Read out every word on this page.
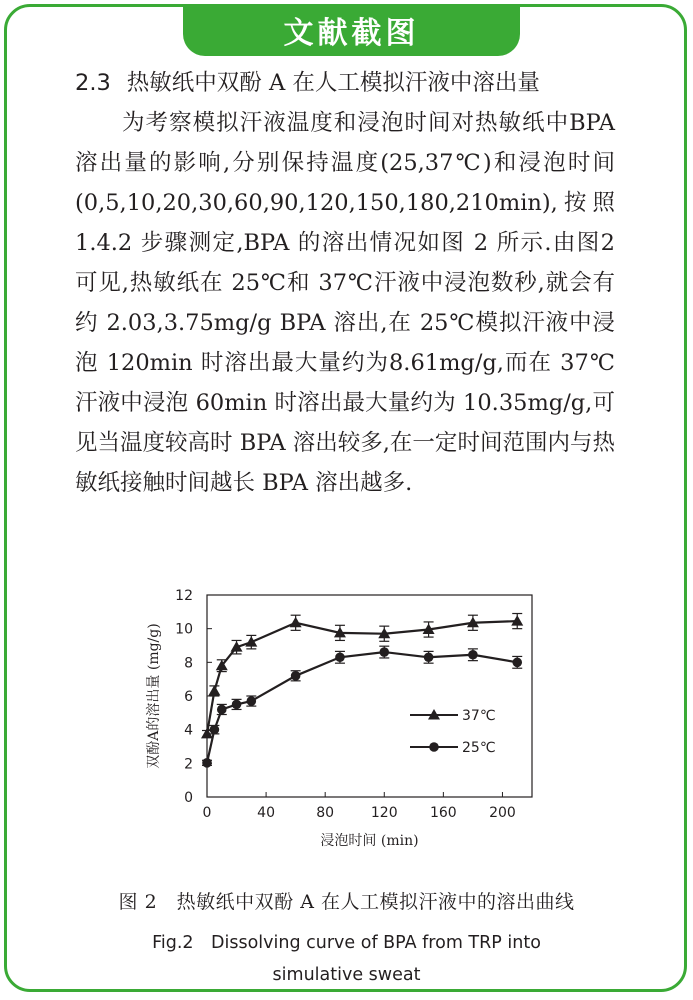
文献截图

2.3 热敏纸中双酚 A 在人工模拟汗液中溶出量

为考察模拟汗液温度和浸泡时间对热敏纸中BPA 溶出量的影响,分别保持温度(25,37℃)和浸泡时间(0,5,10,20,30,60,90,120,150,180,210min),按照 1.4.2 步骤测定,BPA 的溶出情况如图 2 所示.由图2 可见,热敏纸在 25℃和 37℃汗液中浸泡数秒,就会有约 2.03,3.75mg/g BPA 溶出,在 25℃模拟汗液中浸泡 120min 时溶出最大量约为8.61mg/g,而在 37℃汗液中浸泡 60min 时溶出最大量约为 10.35mg/g,可见当温度较高时 BPA 溶出较多,在一定时间范围内与热敏纸接触时间越长 BPA 溶出越多.

0
2
4
6
8
10
12
0	40	80	120 160 200
浸泡时间 (min)
双酚A的溶出量 (mg/g)	37℃
25℃
图 2　热敏纸中双酚 A 在人工模拟汗液中的溶出曲线
Fig.2　Dissolving curve of BPA from TRP into
simulative sweat
